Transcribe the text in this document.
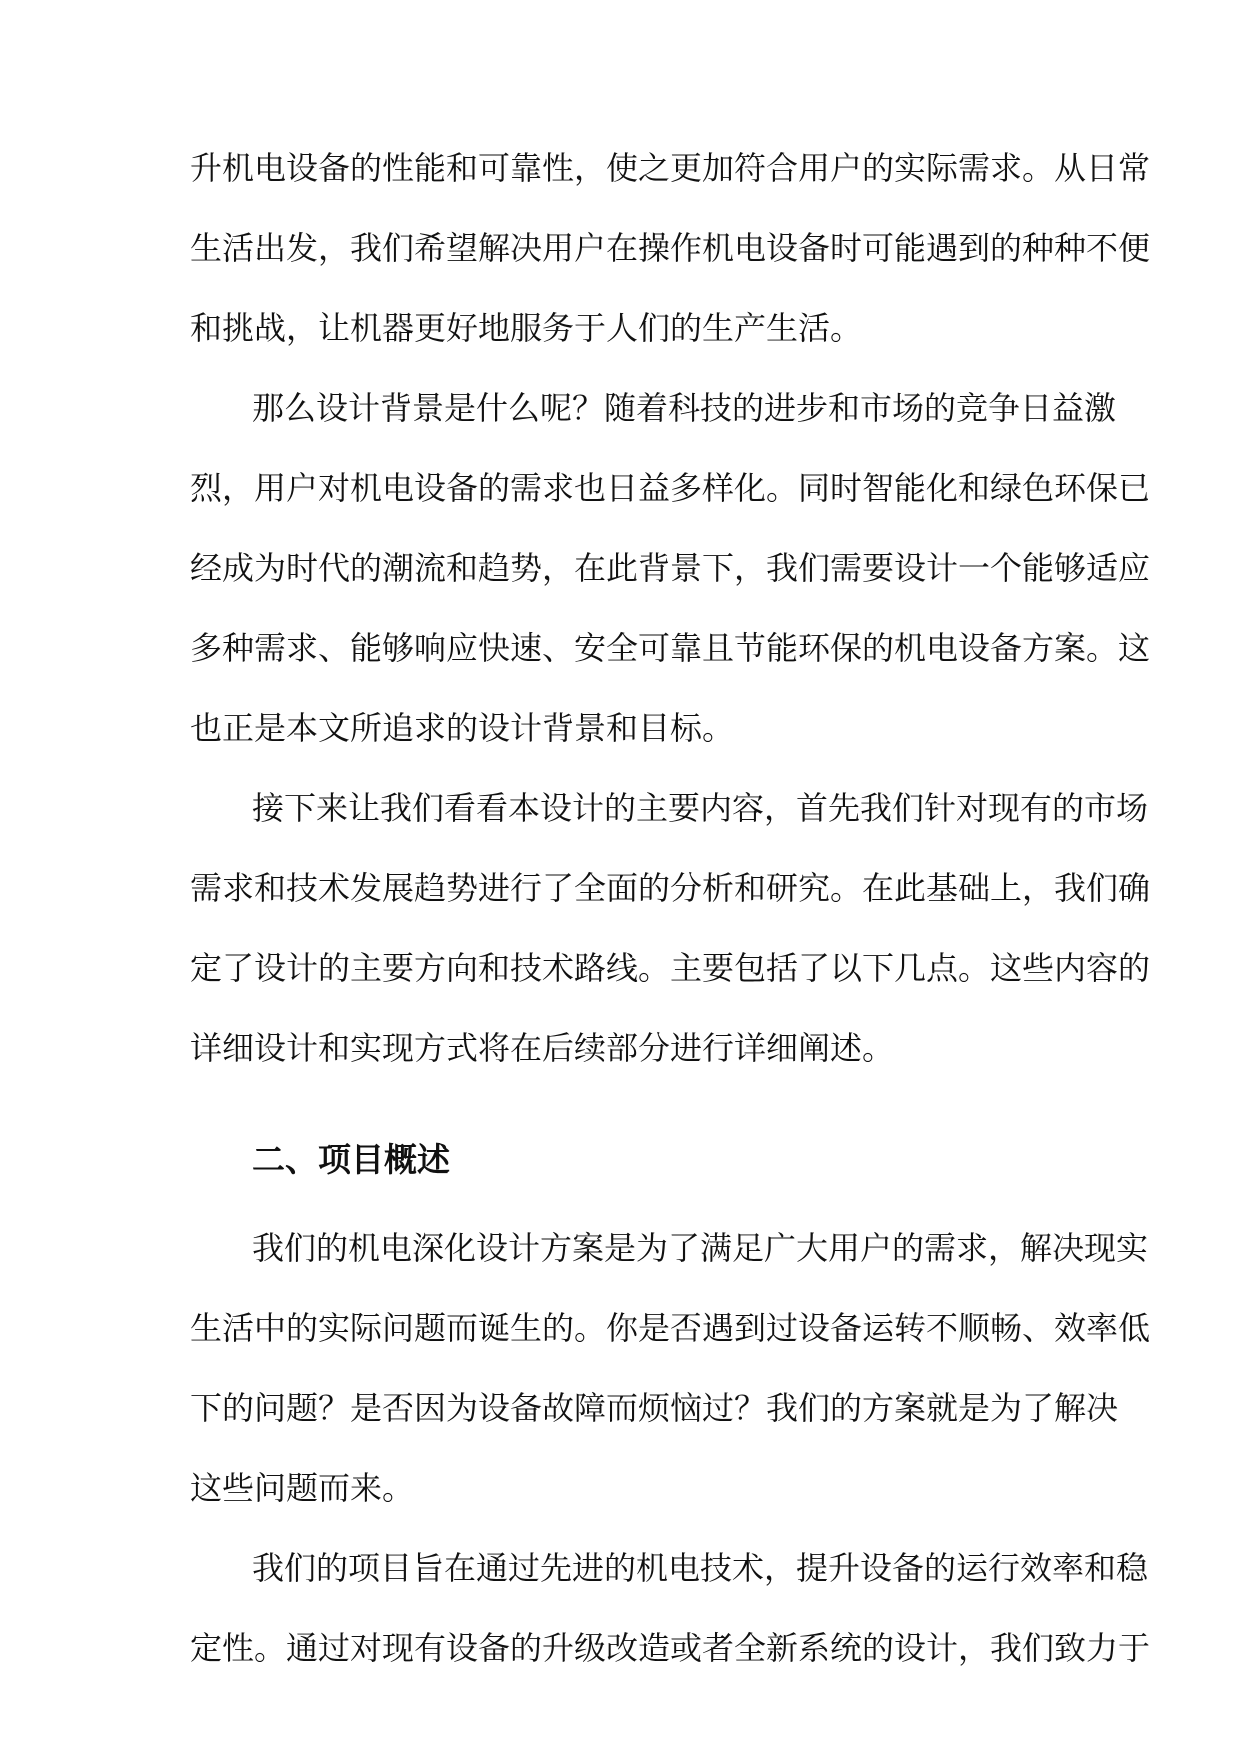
升机电设备的性能和可靠性，使之更加符合用户的实际需求。从日常
生活出发，我们希望解决用户在操作机电设备时可能遇到的种种不便
和挑战，让机器更好地服务于人们的生产生活。
那么设计背景是什么呢？随着科技的进步和市场的竞争日益激
烈，用户对机电设备的需求也日益多样化。同时智能化和绿色环保已
经成为时代的潮流和趋势，在此背景下，我们需要设计一个能够适应
多种需求、能够响应快速、安全可靠且节能环保的机电设备方案。这
也正是本文所追求的设计背景和目标。
接下来让我们看看本设计的主要内容，首先我们针对现有的市场
需求和技术发展趋势进行了全面的分析和研究。在此基础上，我们确
定了设计的主要方向和技术路线。主要包括了以下几点。这些内容的
详细设计和实现方式将在后续部分进行详细阐述。
二、项目概述
我们的机电深化设计方案是为了满足广大用户的需求，解决现实
生活中的实际问题而诞生的。你是否遇到过设备运转不顺畅、效率低
下的问题？是否因为设备故障而烦恼过？我们的方案就是为了解决
这些问题而来。
我们的项目旨在通过先进的机电技术，提升设备的运行效率和稳
定性。通过对现有设备的升级改造或者全新系统的设计，我们致力于
